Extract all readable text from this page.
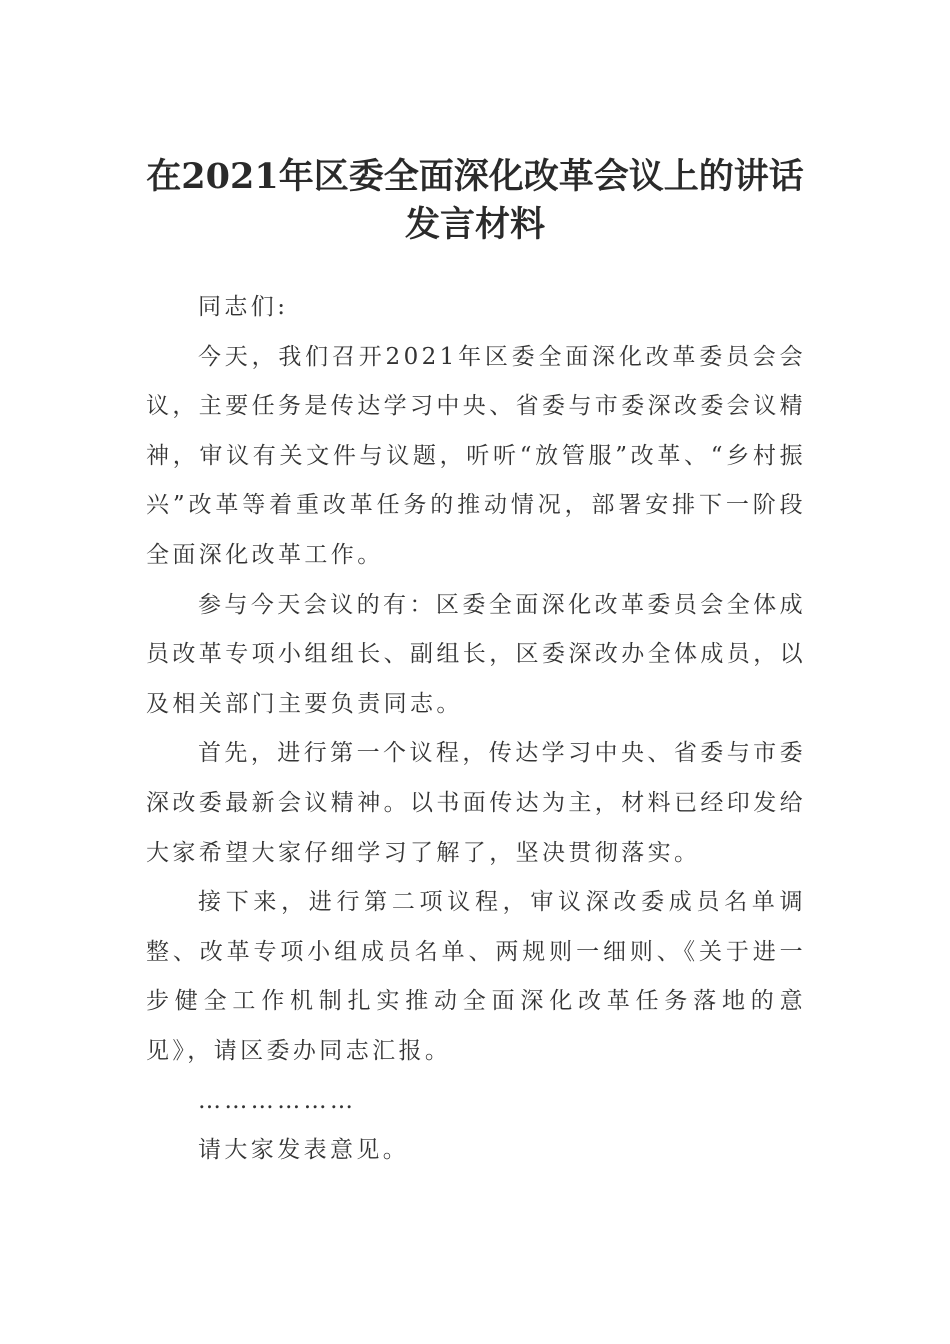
在2021年区委全面深化改革会议上的讲话
发言材料

同志们:

今天，我们召开2021年区委全面深化改革委员会会议，主要任务是传达学习中央、省委与市委深改委会议精神，审议有关文件与议题，听听“放管服”改革、“乡村振兴”改革等着重改革任务的推动情况，部署安排下一阶段全面深化改革工作。

参与今天会议的有：区委全面深化改革委员会全体成员改革专项小组组长、副组长，区委深改办全体成员，以及相关部门主要负责同志。

首先，进行第一个议程，传达学习中央、省委与市委深改委最新会议精神。以书面传达为主，材料已经印发给大家希望大家仔细学习了解了，坚决贯彻落实。

接下来，进行第二项议程，审议深改委成员名单调整、改革专项小组成员名单、两规则一细则、《关于进一步健全工作机制扎实推动全面深化改革任务落地的意见》，请区委办同志汇报。

………………

请大家发表意见。
